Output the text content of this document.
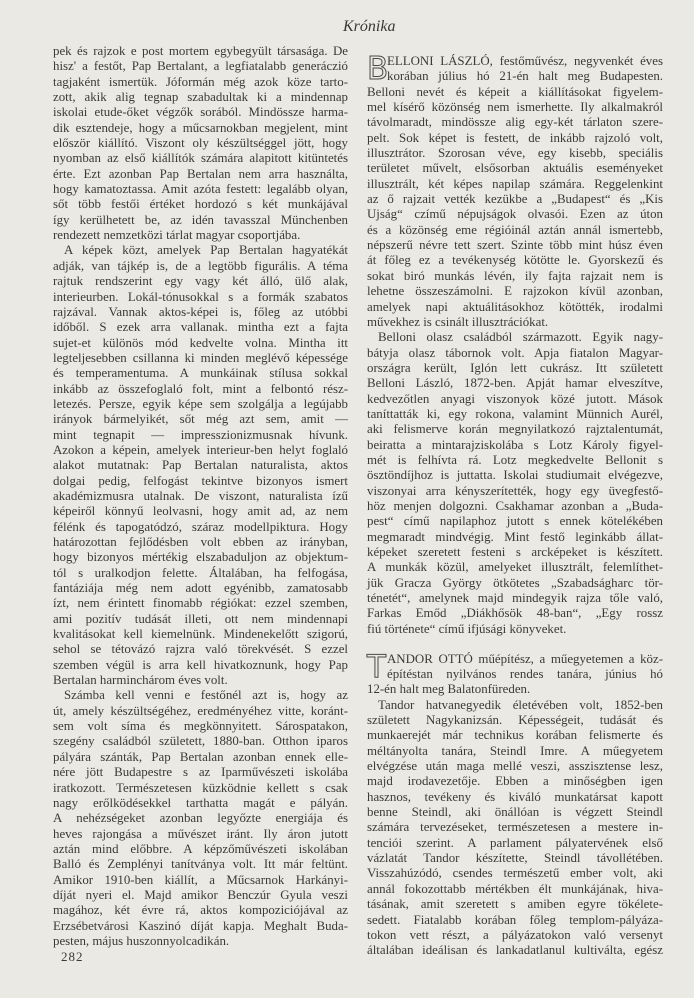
Krónika
pek és rajzok e post mortem egybegyült társasága. De
hisz' a festőt, Pap Bertalant, a legfiatalabb generáczió
tagjaként ismertük. Jóformán még azok köze tarto-
zott, akik alig tegnap szabadultak ki a mindennap
iskolai etude-őket végzők sorából. Mindössze harma-
dik esztendeje, hogy a műcsarnokban megjelent, mint
először kiállító. Viszont oly készültséggel jött, hogy
nyomban az első kiállítók számára alapitott kitüntetés
érte. Ezt azonban Pap Bertalan nem arra használta,
hogy kamatoztassa. Amit azóta festett: legalább olyan,
sőt több festői értéket hordozó s két munkájával
így kerülhetett be, az idén tavasszal Münchenben
rendezett nemzetközi tárlat magyar csoportjába.
A képek közt, amelyek Pap Bertalan hagyatékát
adják, van tájkép is, de a legtöbb figurális. A téma
rajtuk rendszerint egy vagy két álló, ülő alak,
interieurben. Lokál-tónusokkal s a formák szabatos
rajzával. Vannak aktos-képei is, főleg az utóbbi
időből. S ezek arra vallanak. mintha ezt a fajta
sujet-et különös mód kedvelte volna. Mintha itt
legteljesebben csillanna ki minden meglévő képessége
és temperamentuma. A munkáinak stílusa sokkal
inkább az összefoglaló folt, mint a felbontó rész-
letezés. Persze, egyik képe sem szolgálja a legújabb
irányok bármelyikét, sőt még azt sem, amit —
mint tegnapit — impresszionizmusnak hívunk.
Azokon a képein, amelyek interieur-ben helyt foglaló
alakot mutatnak: Pap Bertalan naturalista, aktos
dolgai pedig, felfogást tekintve bizonyos ismert
akadémizmusra utalnak. De viszont, naturalista ízű
képeiről könnyű leolvasni, hogy amit ad, az nem
félénk és tapogatódzó, száraz modellpiktura. Hogy
határozottan fejlődésben volt ebben az irányban,
hogy bizonyos mértékig elszabaduljon az objektum-
tól s uralkodjon felette. Általában, ha felfogása,
fantáziája még nem adott egyénibb, zamatosabb
ízt, nem érintett finomabb régiókat: ezzel szemben,
ami pozitív tudását illeti, ott nem mindennapi
kvalitásokat kell kiemelnünk. Mindenekelőtt szigorú,
sehol se tétovázó rajzra való törekvését. S ezzel
szemben végül is arra kell hivatkoznunk, hogy Pap
Bertalan harminchárom éves volt.
Számba kell venni e festőnél azt is, hogy az
út, amely készültségéhez, eredményéhez vitte, koránt-
sem volt síma és megkönnyitett. Sárospatakon,
szegény családból született, 1880-ban. Otthon iparos
pályára szánták, Pap Bertalan azonban ennek elle-
nére jött Budapestre s az Iparművészeti iskolába
iratkozott. Természetesen küzködnie kellett s csak
nagy erőlködésekkel tarthatta magát e pályán.
A nehézségeket azonban legyőzte energiája és
heves rajongása a művészet iránt. Ily áron jutott
aztán mind előbbre. A képzőművészeti iskolában
Balló és Zemplényi tanítványa volt. Itt már feltünt.
Amikor 1910-ben kiállít, a Műcsarnok Harkányi-
díját nyeri el. Majd amikor Benczúr Gyula veszi
magához, két évre rá, aktos kompoziciójával az
Erzsébetvárosi Kaszinó díját kapja. Meghalt Buda-
pesten, május huszonnyolcadikán.
282
B
ELLONI LÁSZLÓ, festőművész, negyvenkét éves
korában július hó 21-én halt meg Budapesten.
Belloni nevét és képeit a kiállításokat figyelem-
mel kísérő közönség nem ismerhette. Ily alkalmakról
távolmaradt, mindössze alig egy-két tárlaton szere-
pelt. Sok képet is festett, de inkább rajzoló volt,
illusztrátor. Szorosan véve, egy kisebb, speciális
területet művelt, elsősorban aktuális eseményeket
illusztrált, két képes napilap számára. Reggelenkint
az ő rajzait vették kezükbe a „Budapest“ és „Kis
Ujság“ czímű népujságok olvasói. Ezen az úton
és a közönség eme régióinál aztán annál ismertebb,
népszerű névre tett szert. Szinte több mint húsz éven
át főleg ez a tevékenység kötötte le. Gyorskezű és
sokat biró munkás lévén, ily fajta rajzait nem is
lehetne összeszámolni. E rajzokon kívül azonban,
amelyek napi aktuálitásokhoz kötötték, irodalmi
művekhez is csinált illusztrációkat.
Belloni olasz családból származott. Egyik nagy-
bátyja olasz tábornok volt. Apja fiatalon Magyar-
országra került, Iglón lett cukrász. Itt született
Belloni László, 1872-ben. Apját hamar elveszítve,
kedvezőtlen anyagi viszonyok közé jutott. Mások
taníttatták ki, egy rokona, valamint Münnich Aurél,
aki felismerve korán megnyilatkozó rajztalentumát,
beiratta a mintarajziskolába s Lotz Károly figyel-
mét is felhívta rá. Lotz megkedvelte Bellonit s
ösztöndíjhoz is juttatta. Iskolai studiumait elvégezve,
viszonyai arra kényszerítették, hogy egy üvegfestő-
höz menjen dolgozni. Csakhamar azonban a „Buda-
pest“ című napilaphoz jutott s ennek kötelékében
megmaradt mindvégig. Mint festő leginkább állat-
képeket szeretett festeni s arcképeket is készített.
A munkák közül, amelyeket illusztrált, felemlíthet-
jük Gracza György ötkötetes „Szabadságharc tör-
ténetét“, amelynek majd mindegyik rajza tőle való,
Farkas Emőd „Diákhősök 48-ban“, „Egy rossz
fiú története“ című ifjúsági könyveket.
T ANDOR OTTÓ műépítész, a műegyetemen a köz-
építéstan nyilvános rendes tanára, június hó
12-én halt meg Balatonfüreden.
Tandor hatvanegyedik életévében volt, 1852-ben
született Nagykanizsán. Képességeit, tudását és
munkaerejét már technikus korában felismerte és
méltányolta tanára, Steindl Imre. A műegyetem
elvégzése után maga mellé veszi, asszisztense lesz,
majd irodavezetője. Ebben a minőségben igen
hasznos, tevékeny és kiváló munkatársat kapott
benne Steindl, aki önállóan is végzett Steindl
számára tervezéseket, természetesen a mestere in-
tenciói szerint. A parlament pályatervének első
vázlatát Tandor készítette, Steindl távollétében.
Visszahúzódó, csendes természetű ember volt, aki
annál fokozottabb mértékben élt munkájának, hiva-
tásának, amit szeretett s amiben egyre tökélete-
sedett. Fiatalabb korában főleg templom-pályáza-
tokon vett részt, a pályázatokon való versenyt
általában ideálisan és lankadatlanul kultiválta, egész
